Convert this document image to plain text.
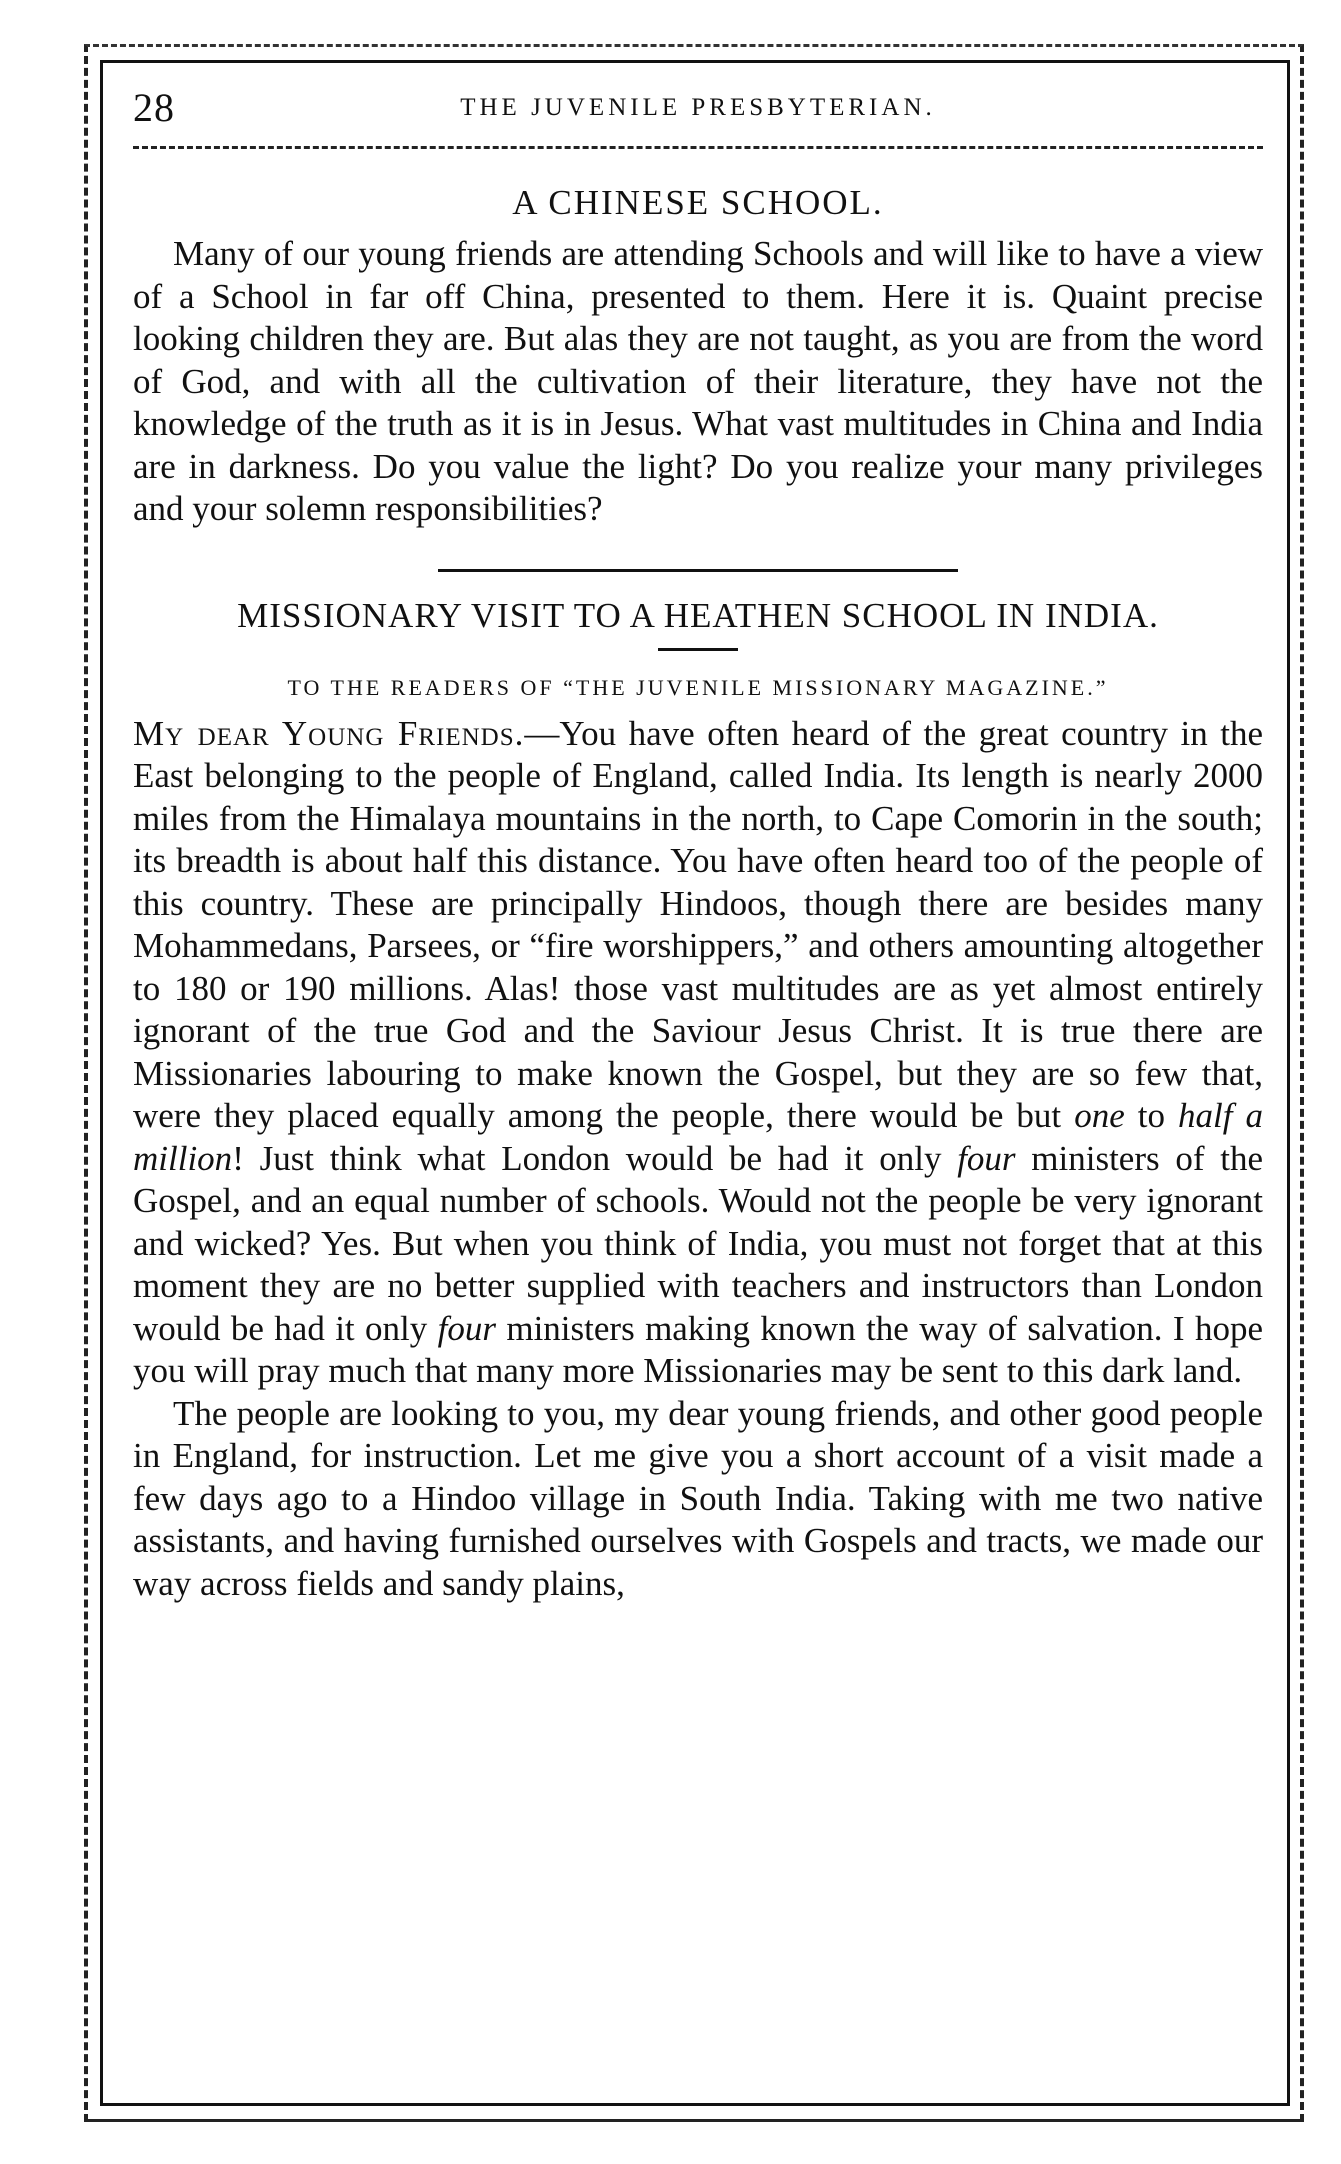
28	THE JUVENILE PRESBYTERIAN.
A CHINESE SCHOOL.

Many of our young friends are attending Schools and will like to have a view of a School in far off China, presented to them. Here it is. Quaint precise looking children they are. But alas they are not taught, as you are from the word of God, and with all the cultivation of their literature, they have not the knowledge of the truth as it is in Jesus. What vast multitudes in China and India are in darkness. Do you value the light? Do you realize your many privileges and your solemn responsibilities?

MISSIONARY VISIT TO A HEATHEN SCHOOL IN INDIA.

TO THE READERS OF “THE JUVENILE MISSIONARY MAGAZINE.”

My dear Young Friends.—You have often heard of the great country in the East belonging to the people of England, called India. Its length is nearly 2000 miles from the Himalaya mountains in the north, to Cape Comorin in the south; its breadth is about half this distance. You have often heard too of the people of this country. These are principally Hindoos, though there are besides many Mohammedans, Parsees, or “fire worshippers,” and others amounting altogether to 180 or 190 millions. Alas! those vast multitudes are as yet almost entirely ignorant of the true God and the Saviour Jesus Christ. It is true there are Missionaries labouring to make known the Gospel, but they are so few that, were they placed equally among the people, there would be but one to half a million! Just think what London would be had it only four ministers of the Gospel, and an equal number of schools. Would not the people be very ignorant and wicked? Yes. But when you think of India, you must not forget that at this moment they are no better supplied with teachers and instructors than London would be had it only four ministers making known the way of salvation. I hope you will pray much that many more Missionaries may be sent to this dark land.

The people are looking to you, my dear young friends, and other good people in England, for instruction. Let me give you a short account of a visit made a few days ago to a Hindoo village in South India. Taking with me two native assistants, and having furnished ourselves with Gospels and tracts, we made our way across fields and sandy plains,
